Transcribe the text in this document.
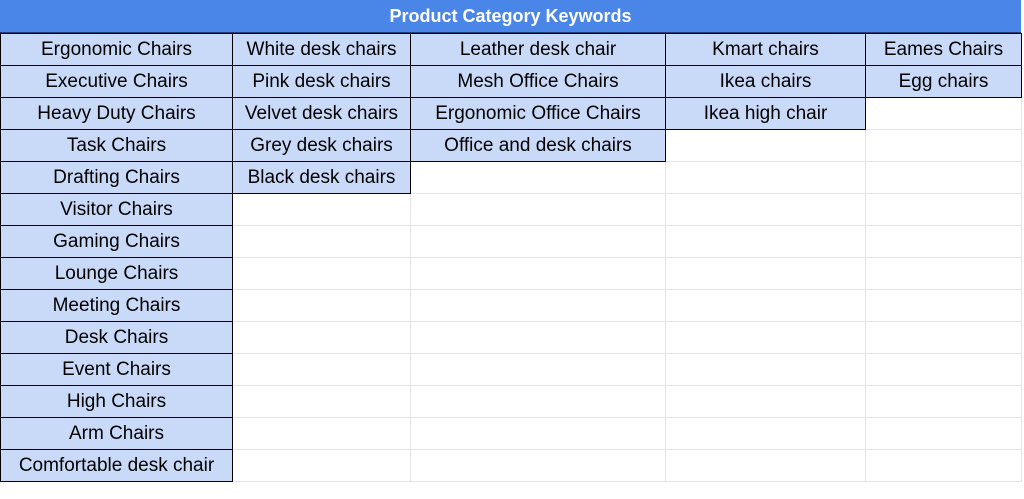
Product Category Keywords
Ergonomic Chairs	White desk chairs	Leather desk chair	Kmart chairs	Eames Chairs
Executive Chairs	Pink desk chairs	Mesh Office Chairs	Ikea chairs	Egg chairs
Heavy Duty Chairs	Velvet desk chairs	Ergonomic Office Chairs	Ikea high chair	
Task Chairs	Grey desk chairs	Office and desk chairs		
Drafting Chairs	Black desk chairs			
Visitor Chairs				
Gaming Chairs				
Lounge Chairs				
Meeting Chairs				
Desk Chairs				
Event Chairs				
High Chairs				
Arm Chairs				
Comfortable desk chair				
